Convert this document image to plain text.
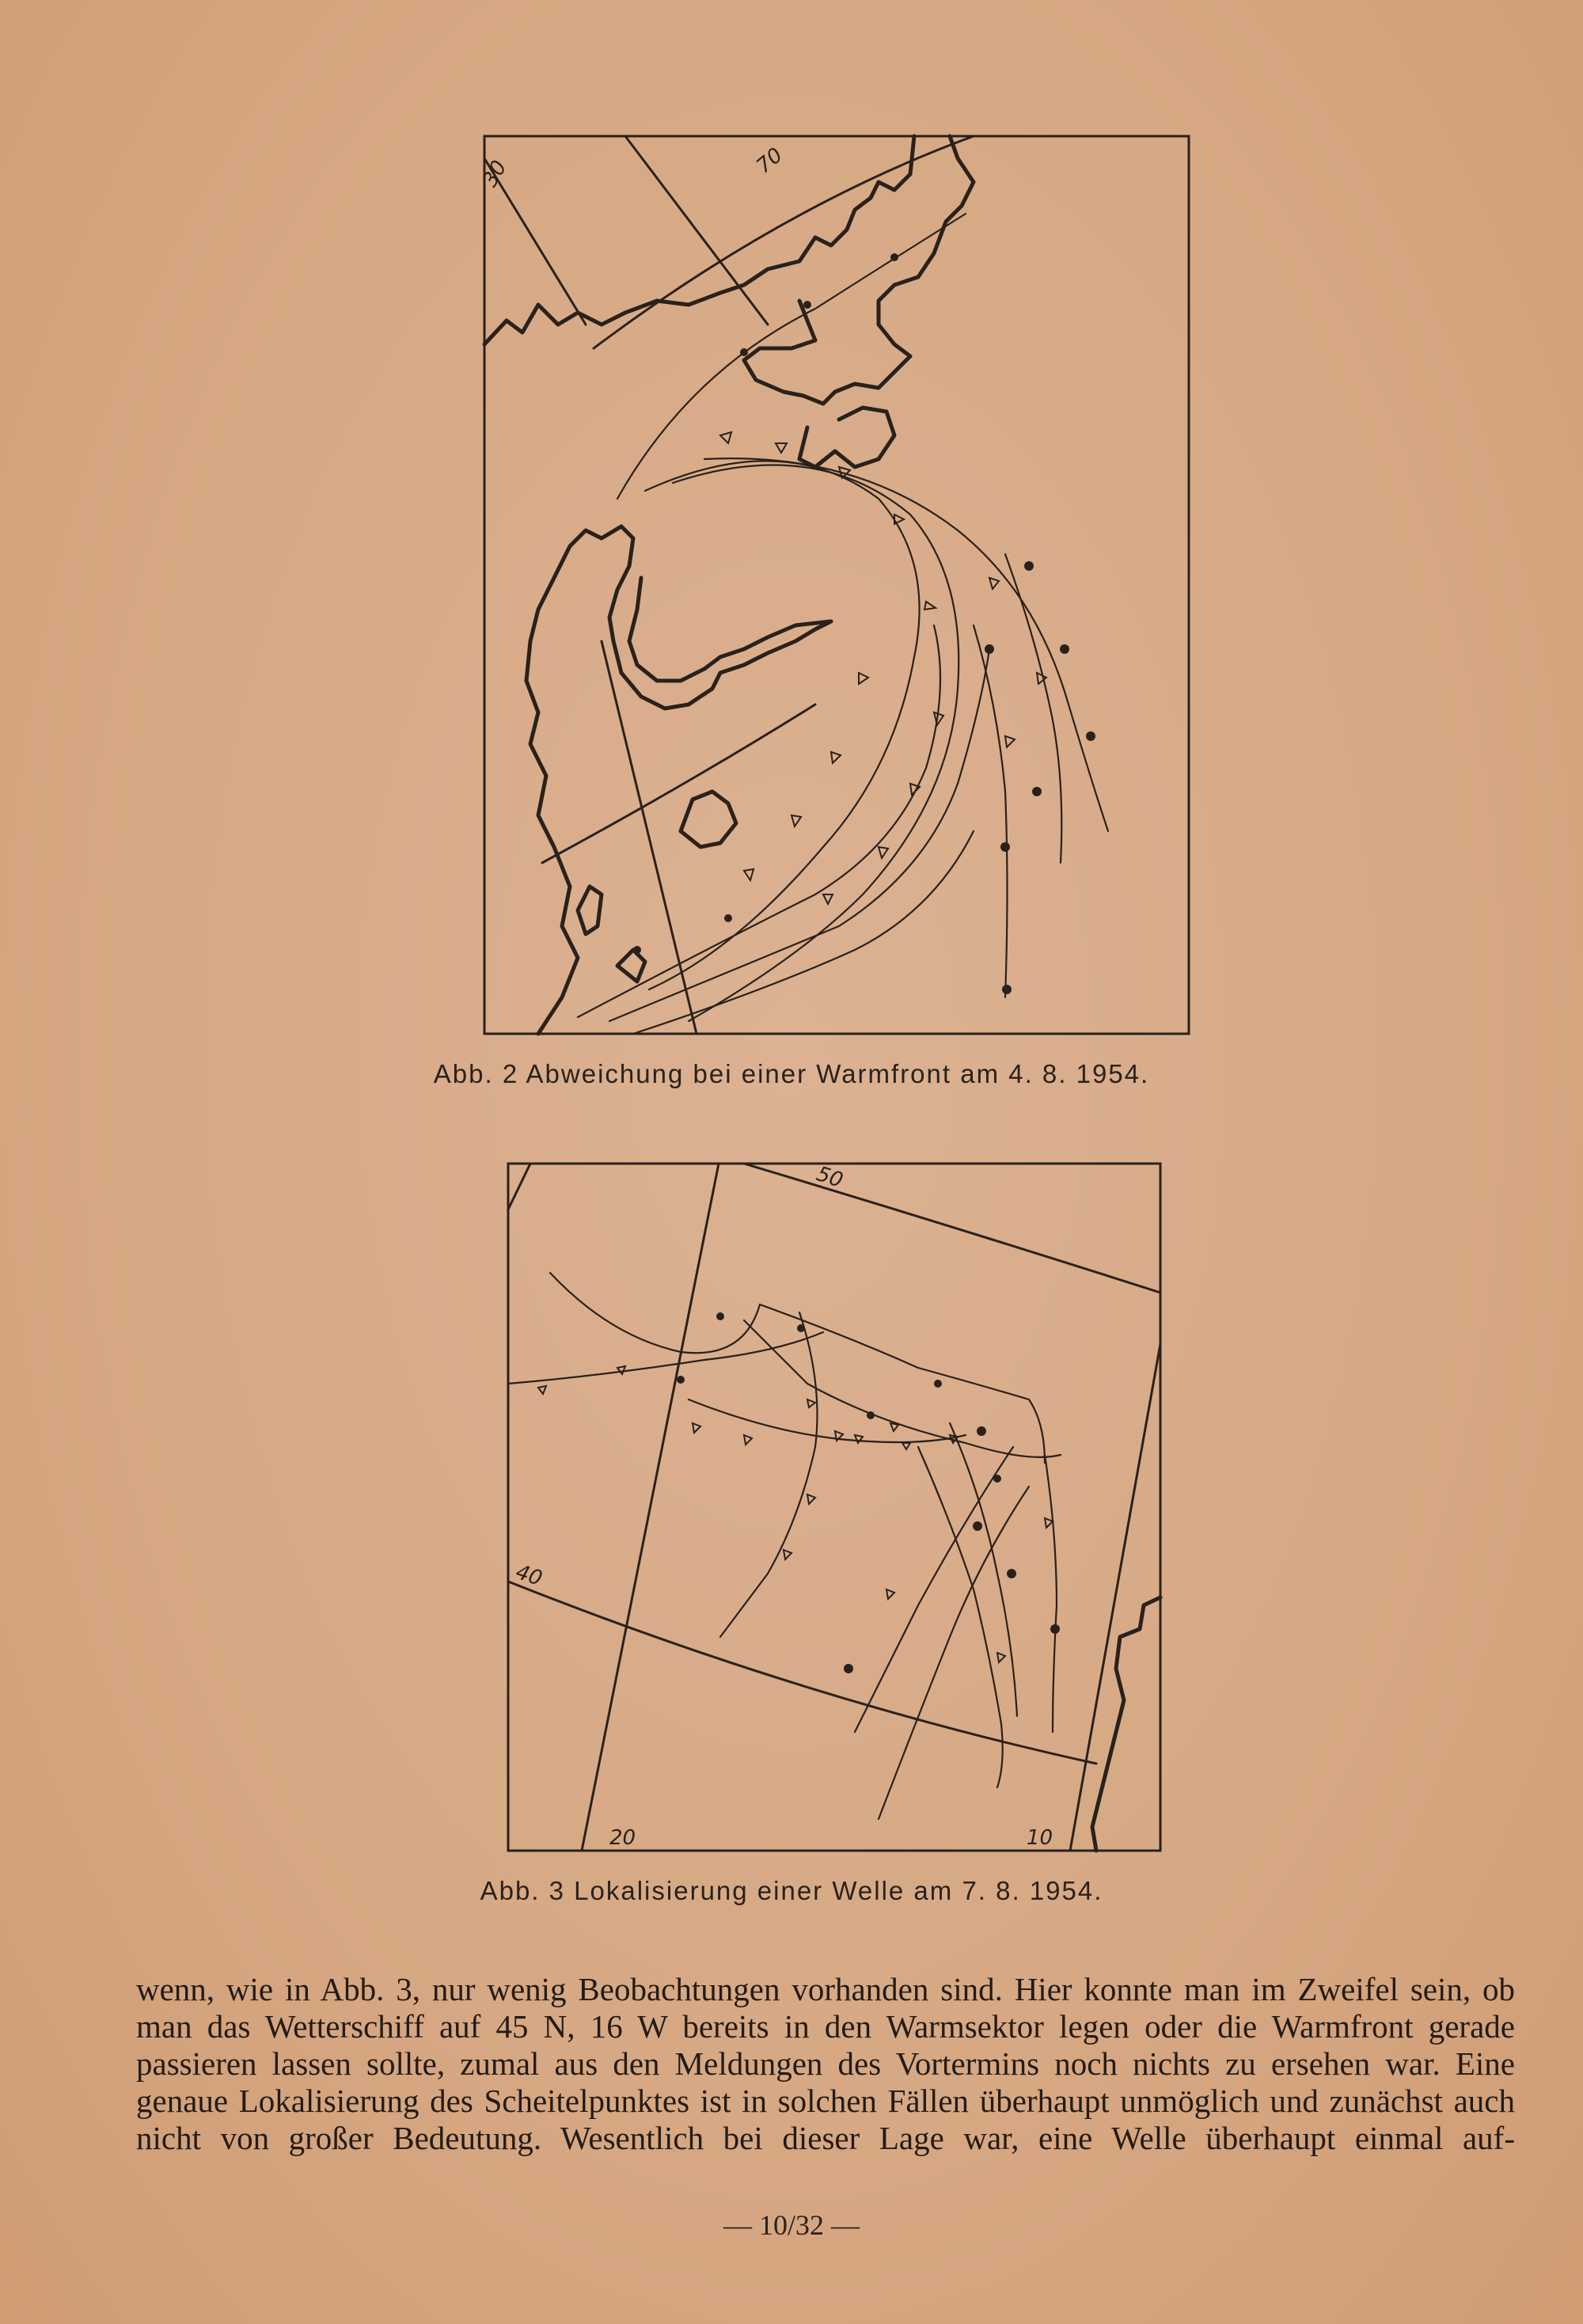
30	70
Abb. 2 Abweichung bei einer Warmfront am 4. 8. 1954.
50
40
20	10
Abb. 3 Lokalisierung einer Welle am 7. 8. 1954.
wenn, wie in Abb. 3, nur wenig Beobachtungen vorhanden sind. Hier konnte man im Zweifel sein, ob man das Wetterschiff auf 45 N, 16 W bereits in den Warmsektor legen oder die Warmfront gerade passieren lassen sollte, zumal aus den Meldungen des Vortermins noch nichts zu ersehen war. Eine genaue Lokalisierung des Scheitelpunktes ist in solchen Fällen überhaupt unmöglich und zunächst auch nicht von großer Bedeutung. Wesentlich bei dieser Lage war, eine Welle überhaupt einmal auf-
— 10/32 —
